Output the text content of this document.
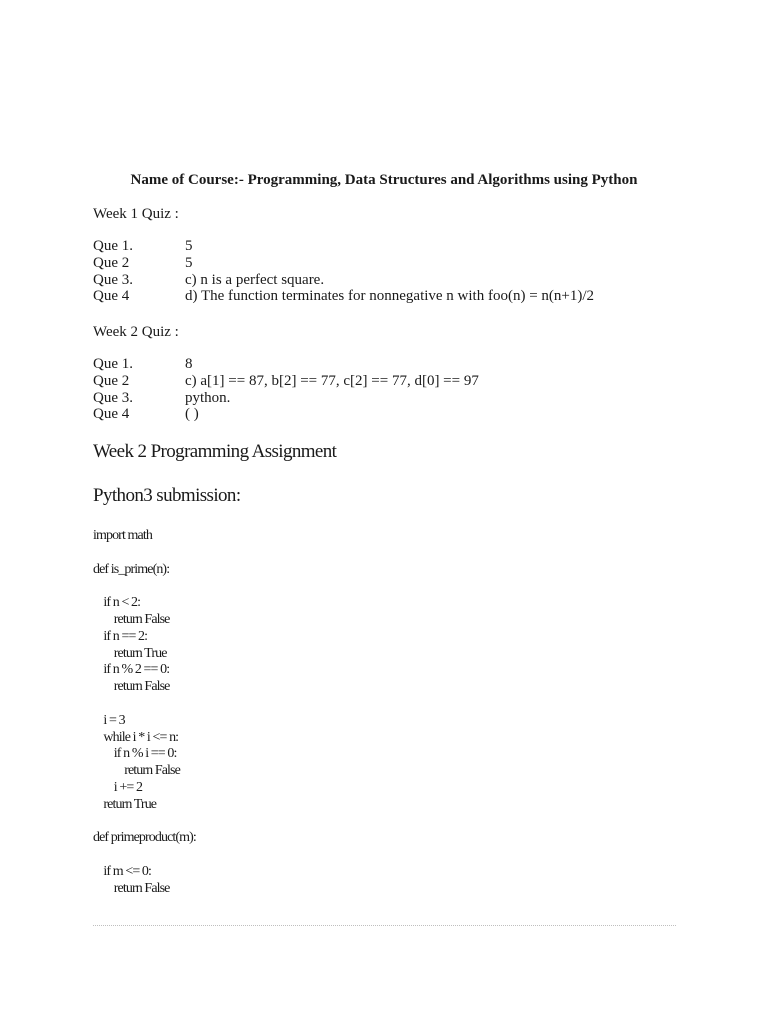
Name of Course:- Programming, Data Structures and Algorithms using Python
Week 1 Quiz :
Que 1.	5
Que 2	5
Que 3.	c) n is a perfect square.
Que 4	d) The function terminates for nonnegative n with foo(n) = n(n+1)/2
Week 2 Quiz :
Que 1.	8
Que 2	c) a[1] == 87, b[2] == 77, c[2] == 77, d[0] == 97
Que 3.	python.
Que 4	( )
Week 2 Programming Assignment
Python3 submission:
import math
def is_prime(n):
if n < 2:
return False
if n == 2:
return True
if n % 2 == 0:
return False
i = 3
while i * i <= n:
if n % i == 0:
return False
i += 2
return True
def primeproduct(m):
if m <= 0:
return False
